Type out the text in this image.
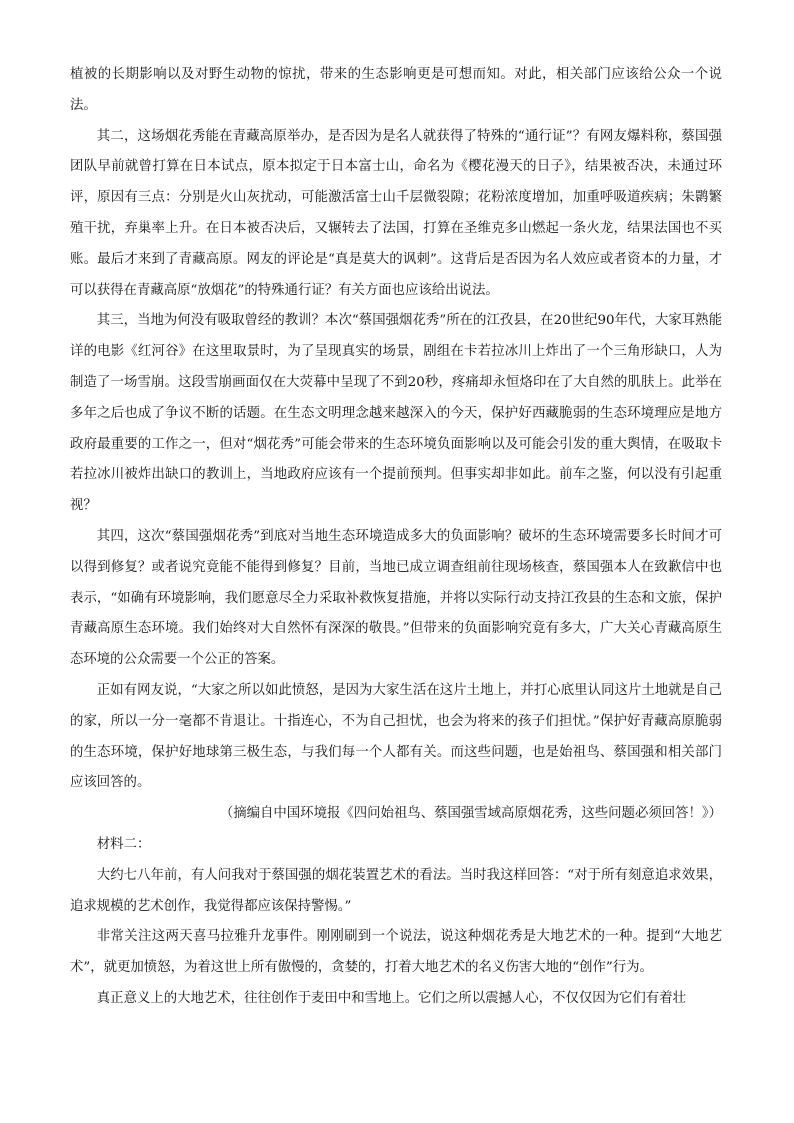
植被的长期影响以及对野生动物的惊扰，带来的生态影响更是可想而知。对此，相关部门应该给公众一个说法。

其二，这场烟花秀能在青藏高原举办，是否因为是名人就获得了特殊的“通行证”？有网友爆料称，蔡国强团队早前就曾打算在日本试点，原本拟定于日本富士山，命名为《樱花漫天的日子》，结果被否决，未通过环评，原因有三点：分别是火山灰扰动，可能激活富士山千层微裂隙；花粉浓度增加，加重呼吸道疾病；朱鹮繁殖干扰，弃巢率上升。在日本被否决后，又辗转去了法国，打算在圣维克多山燃起一条火龙，结果法国也不买账。最后才来到了青藏高原。网友的评论是“真是莫大的讽刺”。这背后是否因为名人效应或者资本的力量，才可以获得在青藏高原“放烟花”的特殊通行证？有关方面也应该给出说法。

其三，当地为何没有吸取曾经的教训？本次“蔡国强烟花秀”所在的江孜县，在20世纪90年代，大家耳熟能详的电影《红河谷》在这里取景时，为了呈现真实的场景，剧组在卡若拉冰川上炸出了一个三角形缺口，人为制造了一场雪崩。这段雪崩画面仅在大荧幕中呈现了不到20秒，疼痛却永恒烙印在了大自然的肌肤上。此举在多年之后也成了争议不断的话题。在生态文明理念越来越深入的今天，保护好西藏脆弱的生态环境理应是地方政府最重要的工作之一，但对“烟花秀”可能会带来的生态环境负面影响以及可能会引发的重大舆情，在吸取卡若拉冰川被炸出缺口的教训上，当地政府应该有一个提前预判。但事实却非如此。前车之鉴，何以没有引起重视？

其四，这次“蔡国强烟花秀”到底对当地生态环境造成多大的负面影响？破坏的生态环境需要多长时间才可以得到修复？或者说究竟能不能得到修复？目前，当地已成立调查组前往现场核查，蔡国强本人在致歉信中也表示，“如确有环境影响，我们愿意尽全力采取补救恢复措施，并将以实际行动支持江孜县的生态和文旅，保护青藏高原生态环境。我们始终对大自然怀有深深的敬畏。”但带来的负面影响究竟有多大，广大关心青藏高原生态环境的公众需要一个公正的答案。

正如有网友说，“大家之所以如此愤怒，是因为大家生活在这片土地上，并打心底里认同这片土地就是自己的家，所以一分一毫都不肯退让。十指连心，不为自己担忧，也会为将来的孩子们担忧。”保护好青藏高原脆弱的生态环境，保护好地球第三极生态，与我们每一个人都有关。而这些问题，也是始祖鸟、蔡国强和相关部门应该回答的。

（摘编自中国环境报《四问始祖鸟、蔡国强雪域高原烟花秀，这些问题必须回答！》）

材料二：

大约七八年前，有人问我对于蔡国强的烟花装置艺术的看法。当时我这样回答：“对于所有刻意追求效果，追求规模的艺术创作，我觉得都应该保持警惕。”

非常关注这两天喜马拉雅升龙事件。刚刚刷到一个说法，说这种烟花秀是大地艺术的一种。提到“大地艺术”，就更加愤怒，为着这世上所有傲慢的，贪婪的，打着大地艺术的名义伤害大地的“创作”行为。

真正意义上的大地艺术，往往创作于麦田中和雪地上。它们之所以震撼人心，不仅仅因为它们有着壮
